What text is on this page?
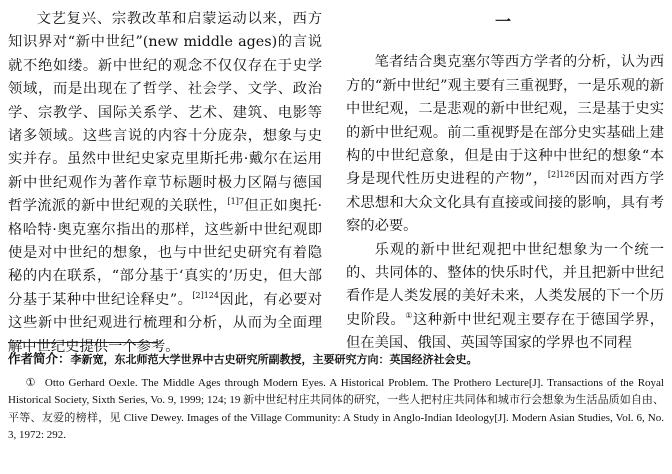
文艺复兴、宗教改革和启蒙运动以来，西方知识界对“新中世纪”(new middle ages)的言说就不绝如缕。新中世纪的观念不仅仅存在于史学领域，而是出现在了哲学、社会学、文学、政治学、宗教学、国际关系学、艺术、建筑、电影等诸多领域。这些言说的内容十分庞杂，想象与史实并存。虽然中世纪史家克里斯托弗·戴尔在运用新中世纪观作为著作章节标题时极力区隔与德国哲学流派的新中世纪观的关联性，$^{[1]7}$但正如奥托·格哈特·奥克塞尔指出的那样，这些新中世纪观即使是对中世纪的想象，也与中世纪史研究有着隐秘的内在联系，“部分基于‘真实的’历史，但大部分基于某种中世纪诠释史”。$^{[2]124}$因此，有必要对这些新中世纪观进行梳理和分析，从而为全面理解中世纪史提供一个参考。

一

笔者结合奥克塞尔等西方学者的分析，认为西方的“新中世纪”观主要有三重视野，一是乐观的新中世纪观，二是悲观的新中世纪观，三是基于史实的新中世纪观。前二重视野是在部分史实基础上建构的中世纪意象，但是由于这种中世纪的想象“本身是现代性历史进程的产物”，$^{[2]126}$因而对西方学术思想和大众文化具有直接或间接的影响，具有考察的必要。

乐观的新中世纪观把中世纪想象为一个统一的、共同体的、整体的快乐时代，并且把新中世纪看作是人类发展的美好未来，人类发展的下一个历史阶段。①这种新中世纪观主要存在于德国学界，但在美国、俄国、英国等国家的学界也不同程

作者简介：李新宽，东北师范大学世界中古史研究所副教授，主要研究方向：英国经济社会史。

① Otto Gerhard Oexle. The Middle Ages through Modern Eyes. A Historical Problem. The Prothero Lecture[J]. Transactions of the Royal Historical Society, Sixth Series, Vo. 9, 1999; 124; 19 新中世纪村庄共同体的研究，一些人把村庄共同体和城市行会想象为生活品质如自由、平等、友爱的榜样，见 Clive Dewey. Images of the Village Community: A Study in Anglo-Indian Ideology[J]. Modern Asian Studies, Vol. 6, No. 3, 1972: 292.
